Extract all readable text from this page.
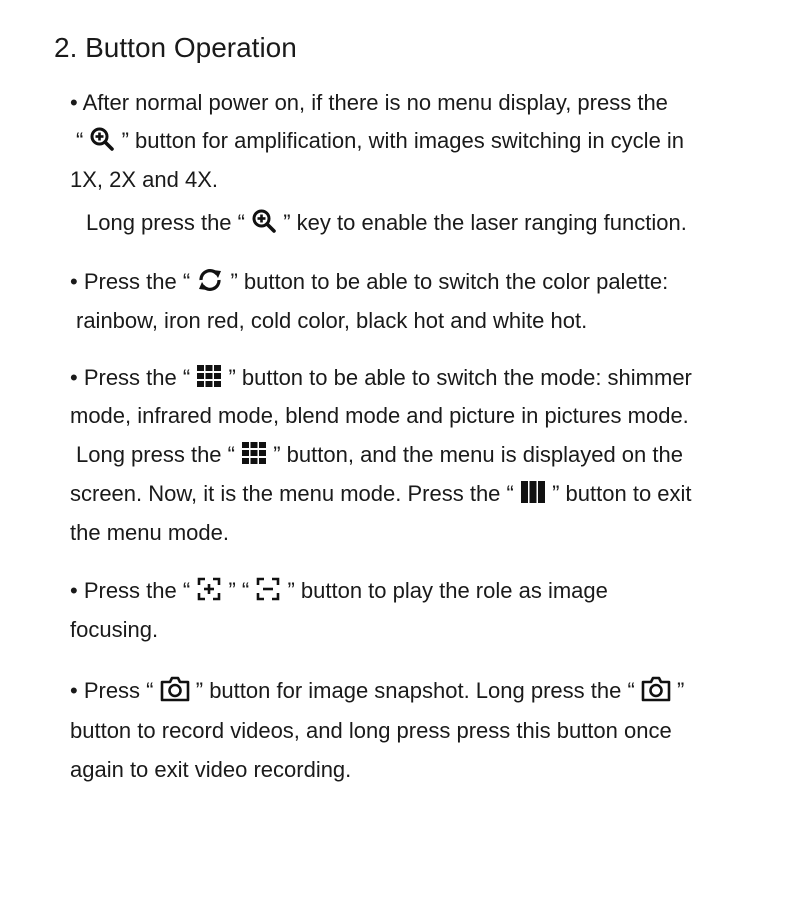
2. Button Operation
• After normal power on, if there is no menu display, press the
“ ” button for amplification, with images switching in cycle in
1X, 2X and 4X.
Long press the “ ” key to enable the laser ranging function.
• Press the “ ” button to be able to switch the color palette:
rainbow, iron red, cold color, black hot and white hot.
• Press the “ ” button to be able to switch the mode: shimmer
mode, infrared mode, blend mode and picture in pictures mode.
Long press the “ ” button, and the menu is displayed on the
screen. Now, it is the menu mode. Press the “ ” button to exit
the menu mode.
• Press the “ ” “ ” button to play the role as image
focusing.
• Press “ ” button for image snapshot. Long press the “ ”
button to record videos, and long press press this button once
again to exit video recording.
